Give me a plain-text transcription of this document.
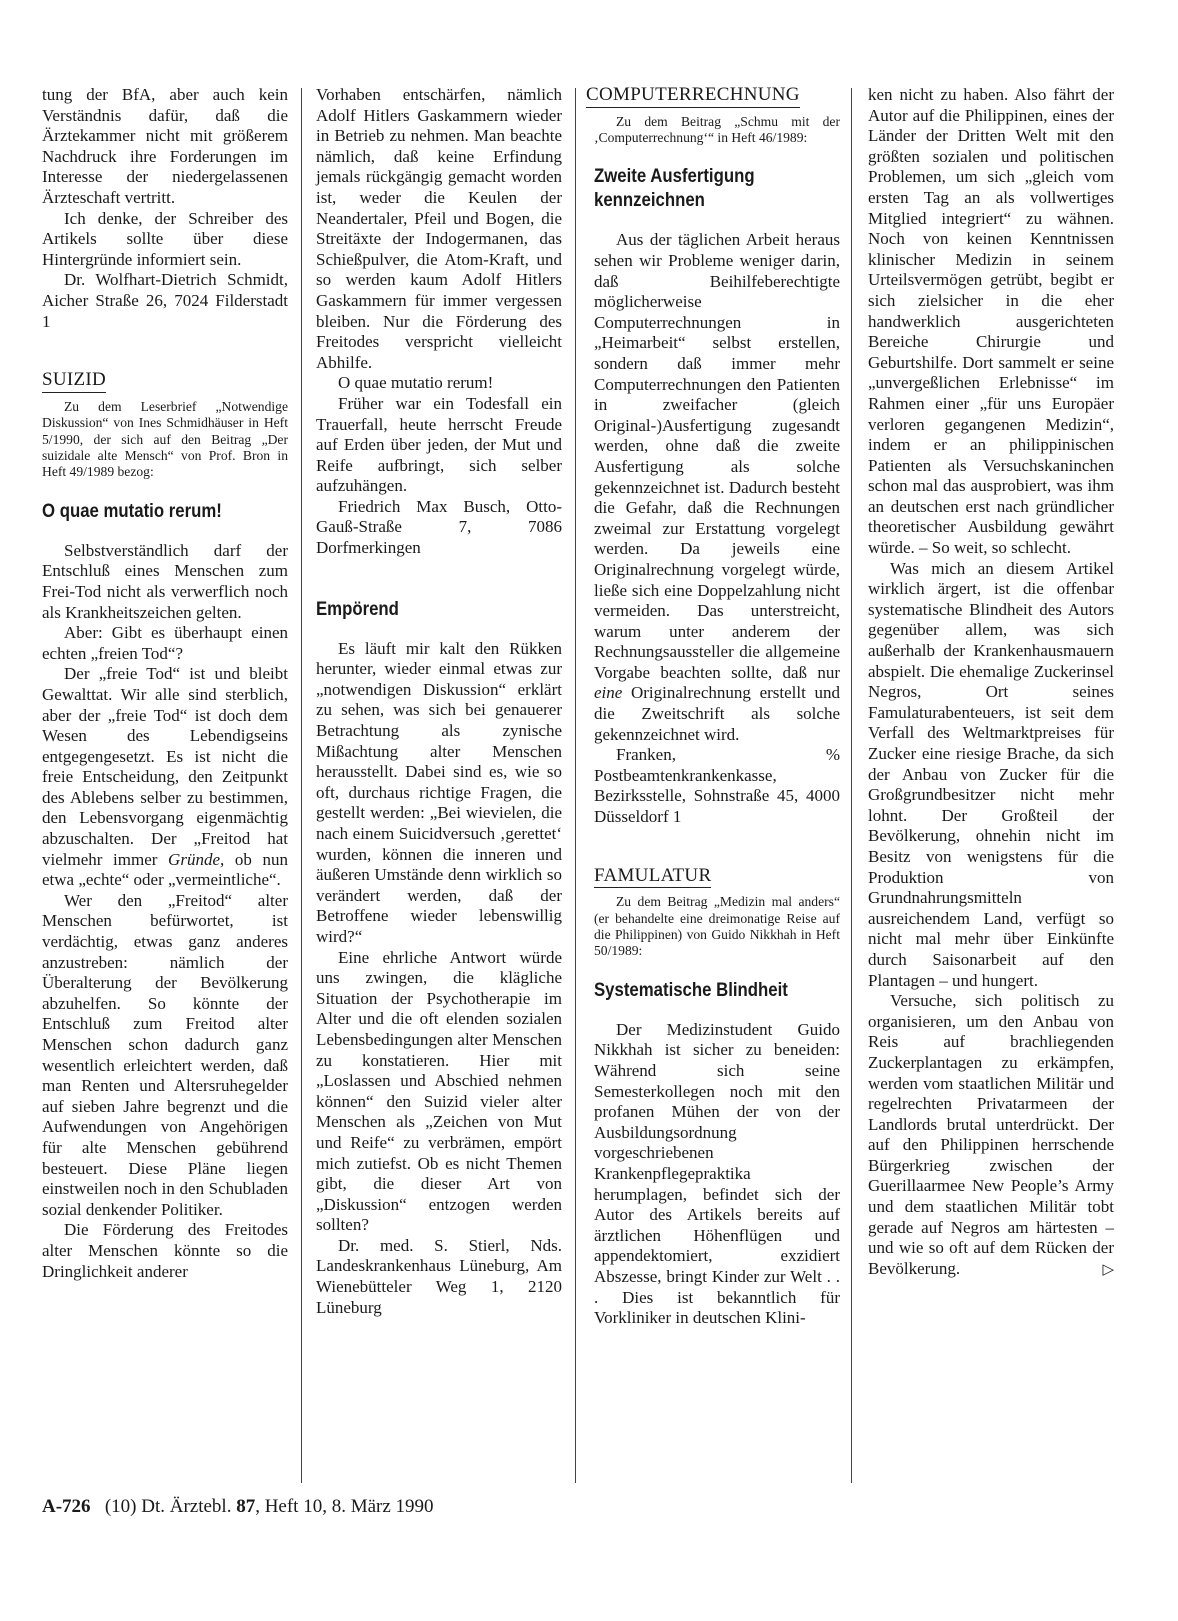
tung der BfA, aber auch kein Verständnis dafür, daß die Ärztekammer nicht mit größerem Nachdruck ihre Forderungen im Interesse der niedergelassenen Ärzteschaft vertritt.

Ich denke, der Schreiber des Artikels sollte über diese Hintergründe informiert sein.

Dr. Wolfhart-Dietrich Schmidt, Aicher Straße 26, 7024 Filderstadt 1

SUIZID

Zu dem Leserbrief „Notwendige Diskussion“ von Ines Schmidhäuser in Heft 5/1990, der sich auf den Beitrag „Der suizidale alte Mensch“ von Prof. Bron in Heft 49/1989 bezog:

O quae mutatio rerum!

Selbstverständlich darf der Entschluß eines Menschen zum Frei-Tod nicht als verwerflich noch als Krankheitszeichen gelten.

Aber: Gibt es überhaupt einen echten „freien Tod“?

Der „freie Tod“ ist und bleibt Gewalttat. Wir alle sind sterblich, aber der „freie Tod“ ist doch dem Wesen des Lebendigseins entgegengesetzt. Es ist nicht die freie Entscheidung, den Zeitpunkt des Ablebens selber zu bestimmen, den Lebensvorgang eigenmächtig abzuschalten. Der „Freitod hat vielmehr immer Gründe, ob nun etwa „echte“ oder „vermeintliche“.

Wer den „Freitod“ alter Menschen befürwortet, ist verdächtig, etwas ganz anderes anzustreben: nämlich der Überalterung der Bevölkerung abzuhelfen. So könnte der Entschluß zum Freitod alter Menschen schon dadurch ganz wesentlich erleichtert werden, daß man Renten und Altersruhegelder auf sieben Jahre begrenzt und die Aufwendungen von Angehörigen für alte Menschen gebührend besteuert. Diese Pläne liegen einstweilen noch in den Schubladen sozial denkender Politiker.

Die Förderung des Freitodes alter Menschen könnte so die Dringlichkeit anderer

Vorhaben entschärfen, nämlich Adolf Hitlers Gaskammern wieder in Betrieb zu nehmen. Man beachte nämlich, daß keine Erfindung jemals rückgängig gemacht worden ist, weder die Keulen der Neandertaler, Pfeil und Bogen, die Streitäxte der Indogermanen, das Schießpulver, die Atom-Kraft, und so werden kaum Adolf Hitlers Gaskammern für immer vergessen bleiben. Nur die Förderung des Freitodes verspricht vielleicht Abhilfe.

O quae mutatio rerum!

Früher war ein Todesfall ein Trauerfall, heute herrscht Freude auf Erden über jeden, der Mut und Reife aufbringt, sich selber aufzuhängen.

Friedrich Max Busch, Otto-Gauß-Straße 7, 7086 Dorfmerkingen

Empörend

Es läuft mir kalt den Rükken herunter, wieder einmal etwas zur „notwendigen Diskussion“ erklärt zu sehen, was sich bei genauerer Betrachtung als zynische Mißachtung alter Menschen herausstellt. Dabei sind es, wie so oft, durchaus richtige Fragen, die gestellt werden: „Bei wievielen, die nach einem Suicidversuch ‚gerettet‘ wurden, können die inneren und äußeren Umstände denn wirklich so verändert werden, daß der Betroffene wieder lebenswillig wird?“

Eine ehrliche Antwort würde uns zwingen, die klägliche Situation der Psychotherapie im Alter und die oft elenden sozialen Lebensbedingungen alter Menschen zu konstatieren. Hier mit „Loslassen und Abschied nehmen können“ den Suizid vieler alter Menschen als „Zeichen von Mut und Reife“ zu verbrämen, empört mich zutiefst. Ob es nicht Themen gibt, die dieser Art von „Diskussion“ entzogen werden sollten?

Dr. med. S. Stierl, Nds. Landeskrankenhaus Lüneburg, Am Wienebütteler Weg 1, 2120 Lüneburg

COMPUTERRECHNUNG

Zu dem Beitrag „Schmu mit der ‚Computerrechnung‘“ in Heft 46/1989:

Zweite Ausfertigung kennzeichnen

Aus der täglichen Arbeit heraus sehen wir Probleme weniger darin, daß Beihilfeberechtigte möglicherweise Computerrechnungen in „Heimarbeit“ selbst erstellen, sondern daß immer mehr Computerrechnungen den Patienten in zweifacher (gleich Original-)Ausfertigung zugesandt werden, ohne daß die zweite Ausfertigung als solche gekennzeichnet ist. Dadurch besteht die Gefahr, daß die Rechnungen zweimal zur Erstattung vorgelegt werden. Da jeweils eine Originalrechnung vorgelegt würde, ließe sich eine Doppelzahlung nicht vermeiden. Das unterstreicht, warum unter anderem der Rechnungsaussteller die allgemeine Vorgabe beachten sollte, daß nur eine Originalrechnung erstellt und die Zweitschrift als solche gekennzeichnet wird.

Franken, % Postbeamtenkrankenkasse, Bezirksstelle, Sohnstraße 45, 4000 Düsseldorf 1

FAMULATUR

Zu dem Beitrag „Medizin mal anders“ (er behandelte eine dreimonatige Reise auf die Philippinen) von Guido Nikkhah in Heft 50/1989:

Systematische Blindheit

Der Medizinstudent Guido Nikkhah ist sicher zu beneiden: Während sich seine Semesterkollegen noch mit den profanen Mühen der von der Ausbildungsordnung vorgeschriebenen Krankenpflegepraktika herumplagen, befindet sich der Autor des Artikels bereits auf ärztlichen Höhenflügen und appendektomiert, exzidiert Abszesse, bringt Kinder zur Welt . . . Dies ist bekanntlich für Vorkliniker in deutschen Klini-

ken nicht zu haben. Also fährt der Autor auf die Philippinen, eines der Länder der Dritten Welt mit den größten sozialen und politischen Problemen, um sich „gleich vom ersten Tag an als vollwertiges Mitglied integriert“ zu wähnen. Noch von keinen Kenntnissen klinischer Medizin in seinem Urteilsvermögen getrübt, begibt er sich zielsicher in die eher handwerklich ausgerichteten Bereiche Chirurgie und Geburtshilfe. Dort sammelt er seine „unvergeßlichen Erlebnisse“ im Rahmen einer „für uns Europäer verloren gegangenen Medizin“, indem er an philippinischen Patienten als Versuchskaninchen schon mal das ausprobiert, was ihm an deutschen erst nach gründlicher theoretischer Ausbildung gewährt würde. – So weit, so schlecht.

Was mich an diesem Artikel wirklich ärgert, ist die offenbar systematische Blindheit des Autors gegenüber allem, was sich außerhalb der Krankenhausmauern abspielt. Die ehemalige Zuckerinsel Negros, Ort seines Famulaturabenteuers, ist seit dem Verfall des Weltmarktpreises für Zucker eine riesige Brache, da sich der Anbau von Zucker für die Großgrundbesitzer nicht mehr lohnt. Der Großteil der Bevölkerung, ohnehin nicht im Besitz von wenigstens für die Produktion von Grundnahrungsmitteln ausreichendem Land, verfügt so nicht mal mehr über Einkünfte durch Saisonarbeit auf den Plantagen – und hungert.

Versuche, sich politisch zu organisieren, um den Anbau von Reis auf brachliegenden Zuckerplantagen zu erkämpfen, werden vom staatlichen Militär und regelrechten Privatarmeen der Landlords brutal unterdrückt. Der auf den Philippinen herrschende Bürgerkrieg zwischen der Guerillaarmee New People’s Army und dem staatlichen Militär tobt gerade auf Negros am härtesten – und wie so oft auf dem Rücken der Bevölkerung.	▷

A-726 (10) Dt. Ärztebl. 87, Heft 10, 8. März 1990
